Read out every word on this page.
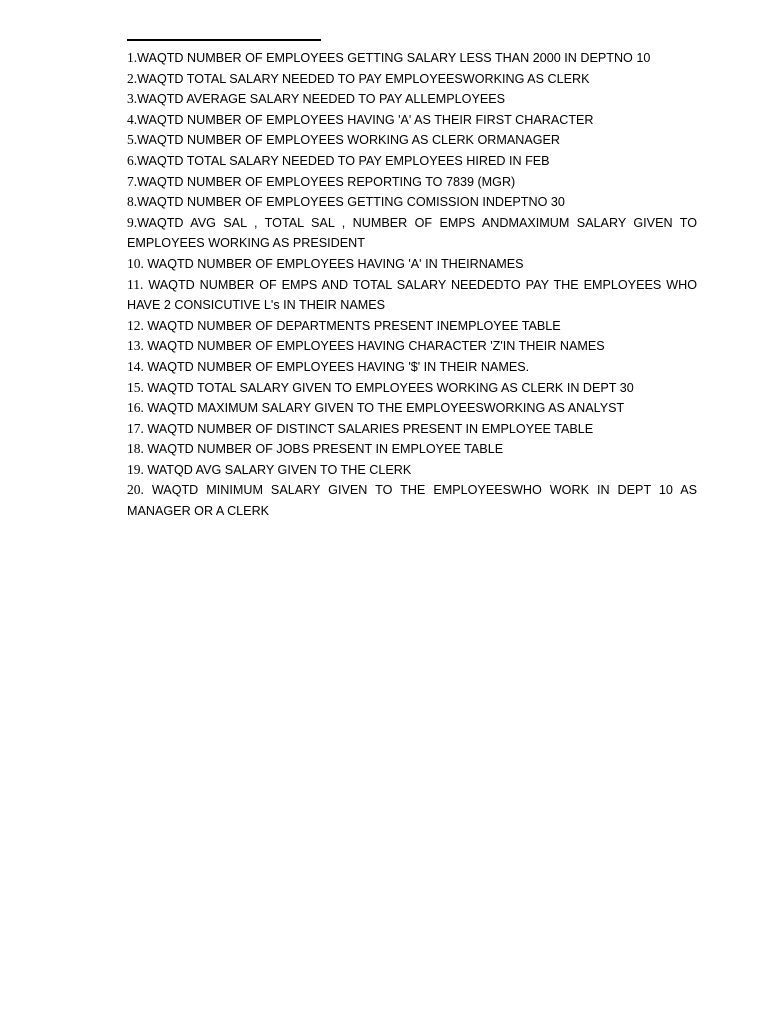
1.WAQTD NUMBER OF EMPLOYEES GETTING SALARY LESS THAN 2000 IN DEPTNO 10
2.WAQTD TOTAL SALARY NEEDED TO PAY EMPLOYEESWORKING AS CLERK
3.WAQTD AVERAGE SALARY NEEDED TO PAY ALLEMPLOYEES
4.WAQTD NUMBER OF EMPLOYEES HAVING 'A' AS THEIR FIRST CHARACTER
5.WAQTD NUMBER OF EMPLOYEES WORKING AS CLERK ORMANAGER
6.WAQTD TOTAL SALARY NEEDED TO PAY EMPLOYEES HIRED IN FEB
7.WAQTD NUMBER OF EMPLOYEES REPORTING TO 7839 (MGR)
8.WAQTD NUMBER OF EMPLOYEES GETTING COMISSION INDEPTNO 30
9.WAQTD AVG SAL , TOTAL SAL , NUMBER OF EMPS ANDMAXIMUM SALARY GIVEN TO EMPLOYEES WORKING AS PRESIDENT
10. WAQTD NUMBER OF EMPLOYEES HAVING 'A' IN THEIRNAMES
11. WAQTD NUMBER OF EMPS AND TOTAL SALARY NEEDEDTO PAY THE EMPLOYEES WHO HAVE 2 CONSICUTIVE L's IN THEIR NAMES
12. WAQTD NUMBER OF DEPARTMENTS PRESENT INEMPLOYEE TABLE
13. WAQTD NUMBER OF EMPLOYEES HAVING CHARACTER 'Z'IN THEIR NAMES
14. WAQTD NUMBER OF EMPLOYEES HAVING '$' IN THEIR NAMES.
15. WAQTD TOTAL SALARY GIVEN TO EMPLOYEES WORKING AS CLERK IN DEPT 30
16. WAQTD MAXIMUM SALARY GIVEN TO THE EMPLOYEESWORKING AS ANALYST
17. WAQTD NUMBER OF DISTINCT SALARIES PRESENT IN EMPLOYEE TABLE
18. WAQTD NUMBER OF JOBS PRESENT IN EMPLOYEE TABLE
19. WATQD AVG SALARY GIVEN TO THE CLERK
20. WAQTD MINIMUM SALARY GIVEN TO THE EMPLOYEESWHO WORK IN DEPT 10 AS MANAGER OR A CLERK
